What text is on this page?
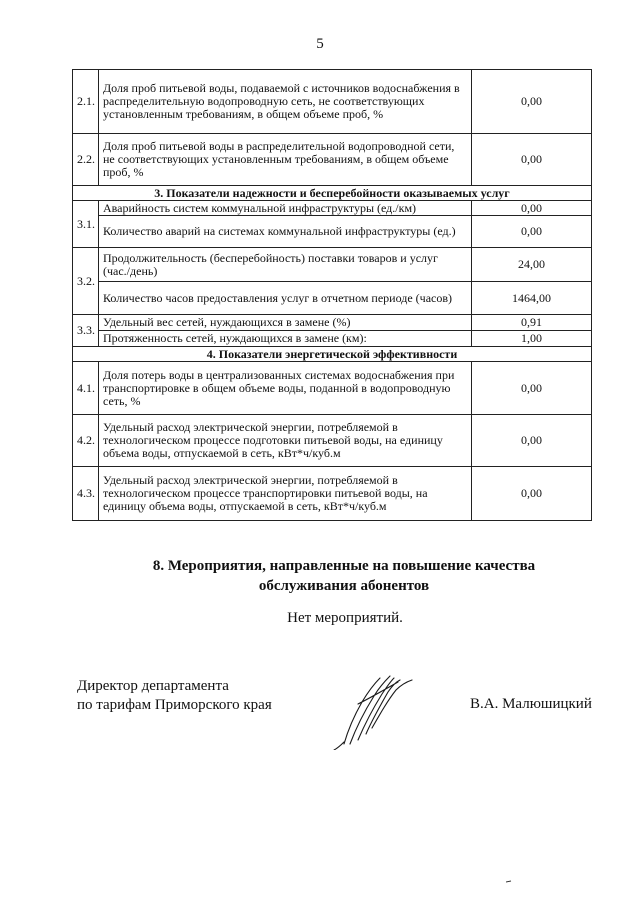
5
2.1.	Доля проб питьевой воды, подаваемой с источников водоснабжения в распределительную водопроводную сеть, не соответствующих установленным требованиям, в общем объеме проб, %	0,00
2.2.	Доля проб питьевой воды в распределительной водопроводной сети, не соответствующих установленным требованиям, в общем объеме проб, %	0,00
3. Показатели надежности и бесперебойности оказываемых услуг		
3.1.	Аварийность систем коммунальной инфраструктуры (ед./км)	0,00
	Количество аварий на системах коммунальной инфраструктуры (ед.)	0,00
3.2.	Продолжительность (бесперебойность) поставки товаров и услуг (час./день)	24,00
	Количество часов предоставления услуг в отчетном периоде (часов)	1464,00
3.3.	Удельный вес сетей, нуждающихся в замене (%)	0,91
	Протяженность сетей, нуждающихся в замене (км):	1,00
4. Показатели энергетической эффективности		
4.1.	Доля потерь воды в централизованных системах водоснабжения при транспортировке в общем объеме воды, поданной в водопроводную сеть, %	0,00
4.2.	Удельный расход электрической энергии, потребляемой в технологическом процессе подготовки питьевой воды, на единицу объема воды, отпускаемой в сеть, кВт*ч/куб.м	0,00
4.3.	Удельный расход электрической энергии, потребляемой в технологическом процессе транспортировки питьевой воды, на единицу объема воды, отпускаемой в сеть, кВт*ч/куб.м	0,00
8. Мероприятия, направленные на повышение качества
обслуживания абонентов
Нет мероприятий.
Директор департамента
по тарифам Приморского края	В.А. Малюшицкий
